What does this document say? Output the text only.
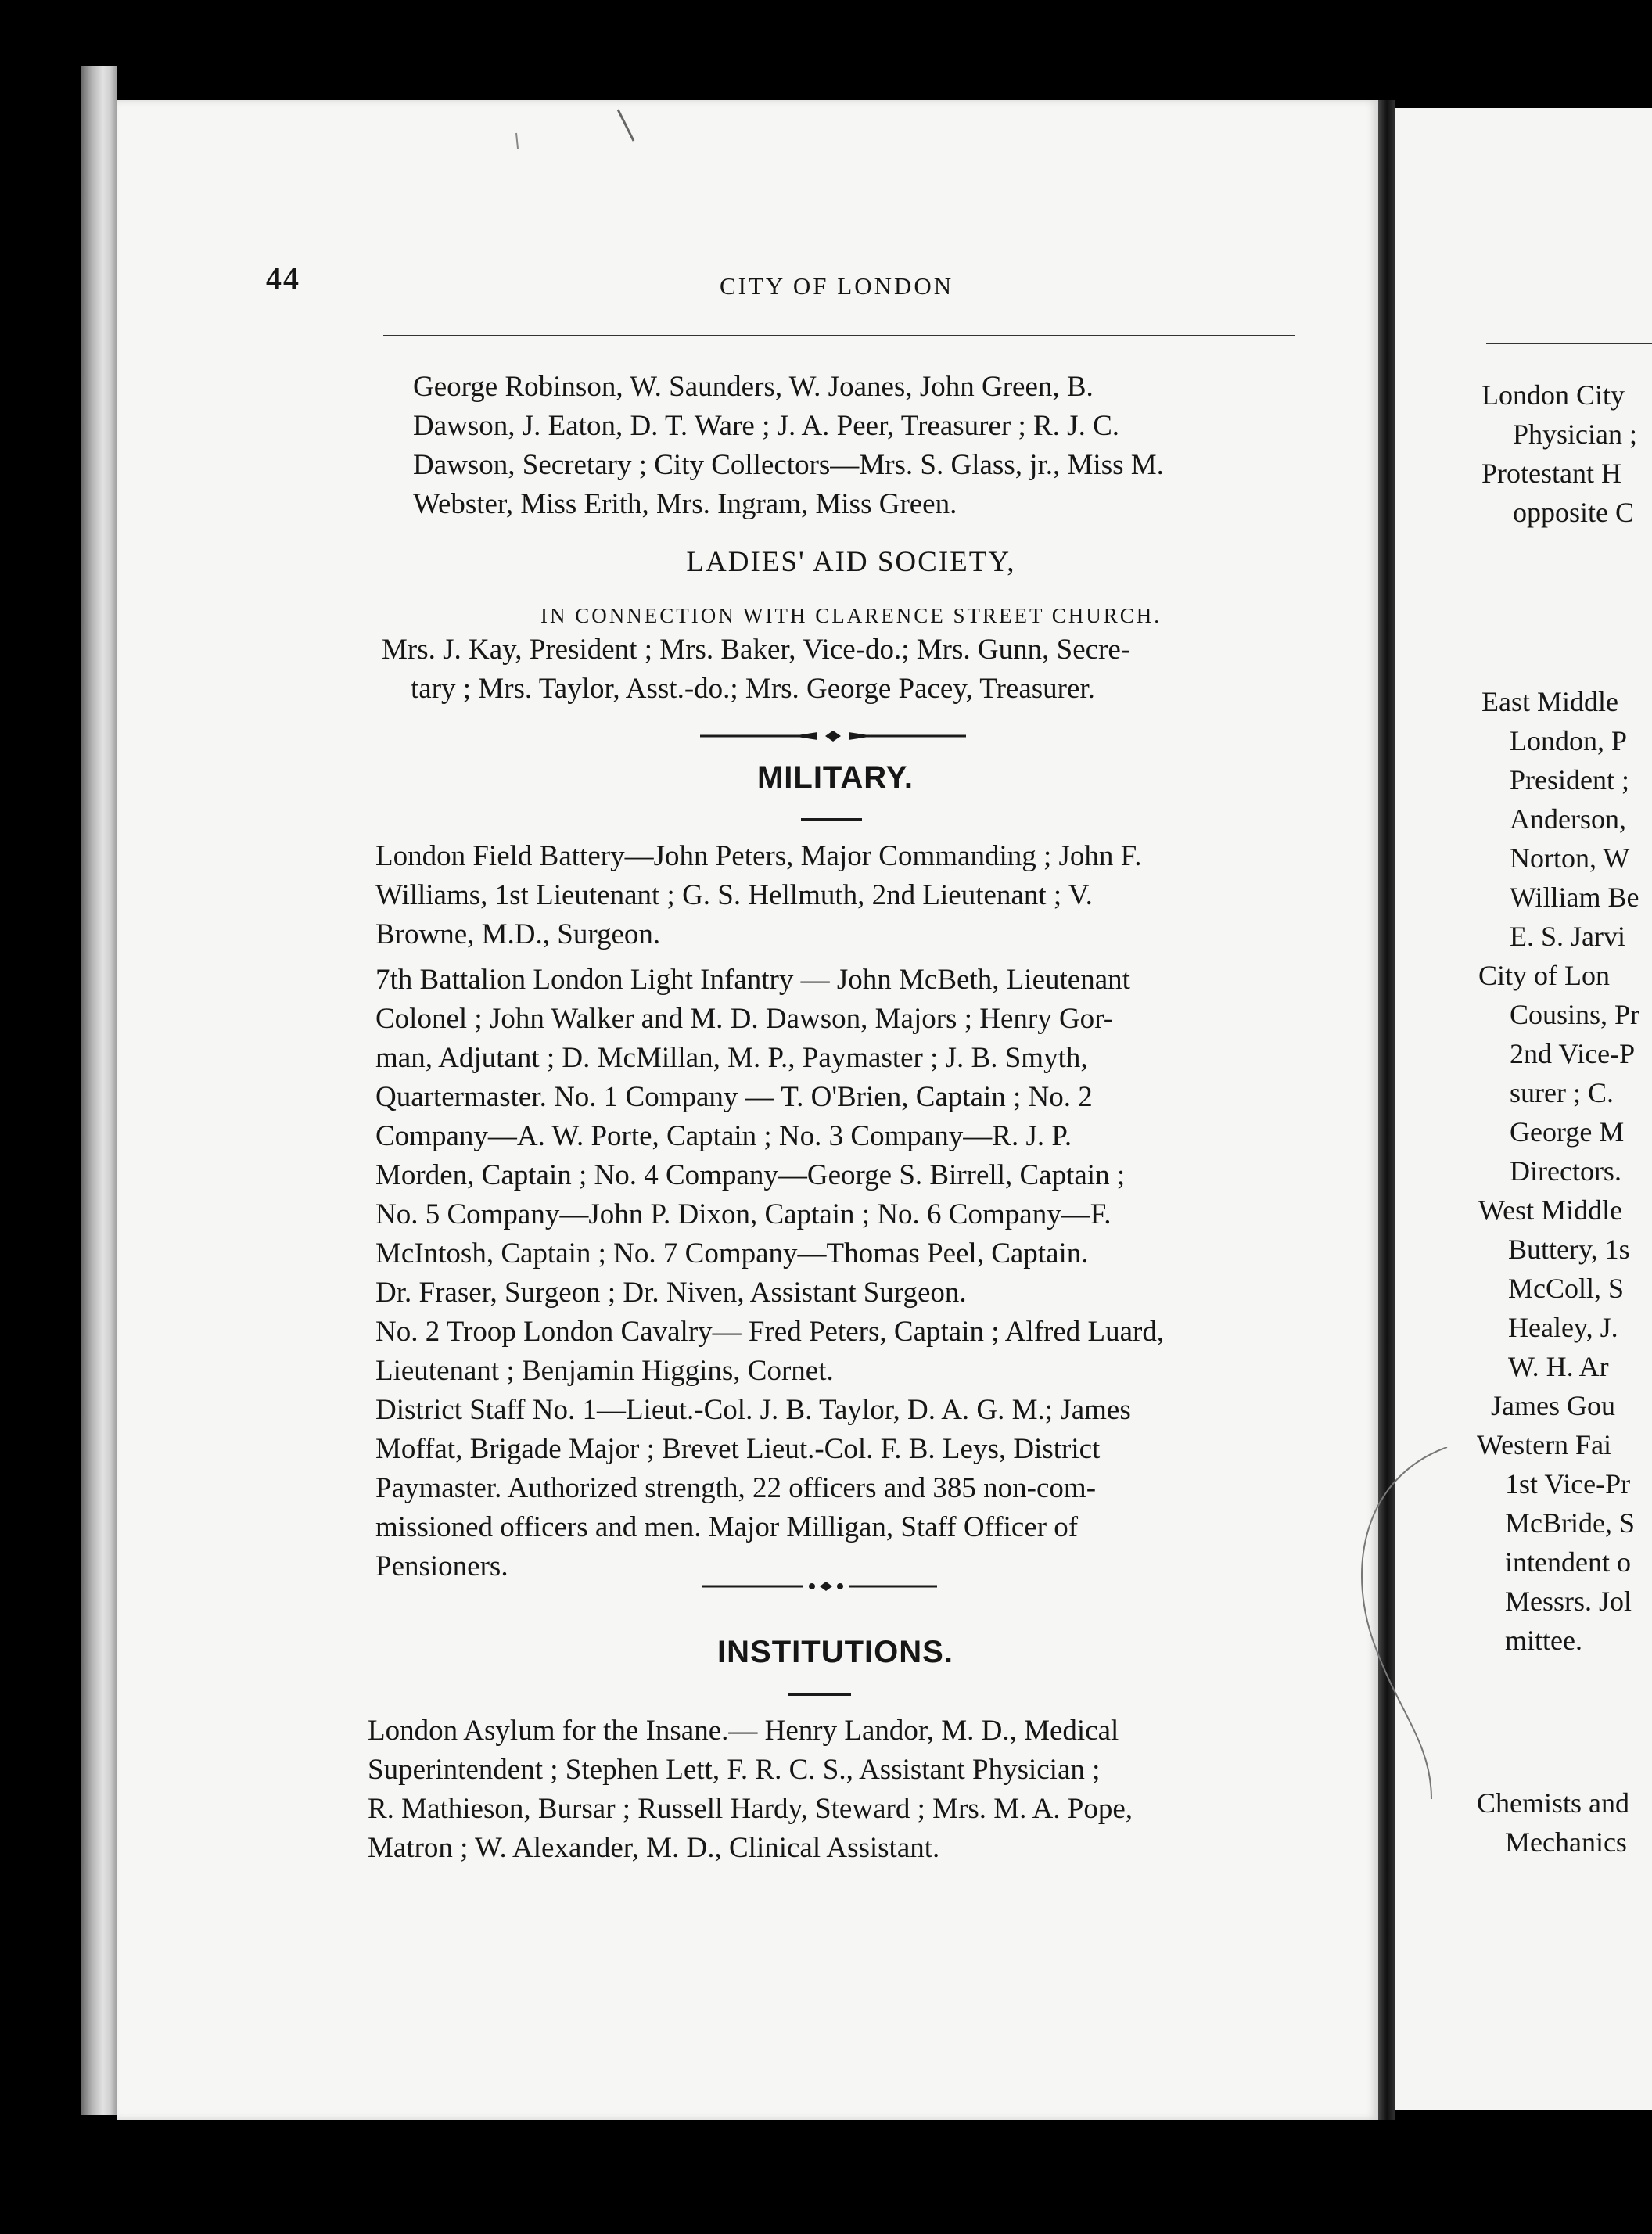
44	CITY OF LONDON
George Robinson, W. Saunders, W. Joanes, John Green, B.
Dawson, J. Eaton, D. T. Ware ; J. A. Peer, Treasurer ; R. J. C.
Dawson, Secretary ; City Collectors—Mrs. S. Glass, jr., Miss M.
Webster, Miss Erith, Mrs. Ingram, Miss Green.
LADIES' AID SOCIETY,
IN CONNECTION WITH CLARENCE STREET CHURCH.
Mrs. J. Kay, President ; Mrs. Baker, Vice-do.; Mrs. Gunn, Secre-
tary ; Mrs. Taylor, Asst.-do.; Mrs. George Pacey, Treasurer.
MILITARY.
London Field Battery—John Peters, Major Commanding ; John F.
Williams, 1st Lieutenant ; G. S. Hellmuth, 2nd Lieutenant ; V.
Browne, M.D., Surgeon.
7th Battalion London Light Infantry — John McBeth, Lieutenant
Colonel ; John Walker and M. D. Dawson, Majors ; Henry Gor-
man, Adjutant ; D. McMillan, M. P., Paymaster ; J. B. Smyth,
Quartermaster. No. 1 Company — T. O'Brien, Captain ; No. 2
Company—A. W. Porte, Captain ; No. 3 Company—R. J. P.
Morden, Captain ; No. 4 Company—George S. Birrell, Captain ;
No. 5 Company—John P. Dixon, Captain ; No. 6 Company—F.
McIntosh, Captain ; No. 7 Company—Thomas Peel, Captain.
Dr. Fraser, Surgeon ; Dr. Niven, Assistant Surgeon.
No. 2 Troop London Cavalry— Fred Peters, Captain ; Alfred Luard,
Lieutenant ; Benjamin Higgins, Cornet.
District Staff No. 1—Lieut.-Col. J. B. Taylor, D. A. G. M.; James
Moffat, Brigade Major ; Brevet Lieut.-Col. F. B. Leys, District
Paymaster. Authorized strength, 22 officers and 385 non-com-
missioned officers and men. Major Milligan, Staff Officer of
Pensioners.
INSTITUTIONS.
London Asylum for the Insane.— Henry Landor, M. D., Medical
Superintendent ; Stephen Lett, F. R. C. S., Assistant Physician ;
R. Mathieson, Bursar ; Russell Hardy, Steward ; Mrs. M. A. Pope,
Matron ; W. Alexander, M. D., Clinical Assistant.
London City
Physician ;
Protestant H
opposite C
East Middle
London, P
President ;
Anderson,
Norton, W
William Be
E. S. Jarvi
City of Lon
Cousins, Pr
2nd Vice-P
surer ; C.
George M
Directors.
West Middle
Buttery, 1s
McColl, S
Healey, J.
W. H. Ar
James Gou
Western Fai
1st Vice-Pr
McBride, S
intendent o
Messrs. Jol
mittee.
Chemists and
Mechanics
